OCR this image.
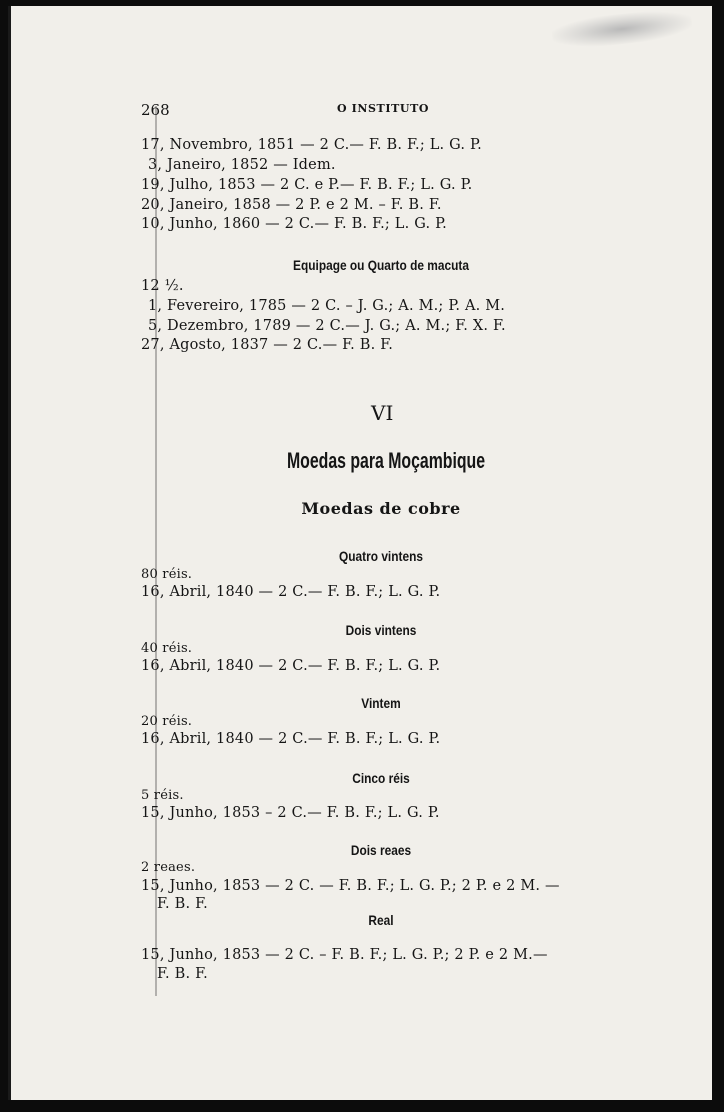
268	O INSTITUTO
17, Novembro, 1851 — 2 C.— F. B. F.; L. G. P.
3, Janeiro, 1852 — Idem.
19, Julho, 1853 — 2 C. e P.— F. B. F.; L. G. P.
20, Janeiro, 1858 — 2 P. e 2 M. – F. B. F.
10, Junho, 1860 — 2 C.— F. B. F.; L. G. P.
Equipage ou Quarto de macuta
12 ½.
1, Fevereiro, 1785 — 2 C. – J. G.; A. M.; P. A. M.
5, Dezembro, 1789 — 2 C.— J. G.; A. M.; F. X. F.
27, Agosto, 1837 — 2 C.— F. B. F.
VI
Moedas para Moçambique
Moedas de cobre
Quatro vintens
80 réis.
16, Abril, 1840 — 2 C.— F. B. F.; L. G. P.
Dois vintens
40 réis.
16, Abril, 1840 — 2 C.— F. B. F.; L. G. P.
Vintem
20 réis.
16, Abril, 1840 — 2 C.— F. B. F.; L. G. P.
Cinco réis
5 réis.
15, Junho, 1853 – 2 C.— F. B. F.; L. G. P.
Dois reaes
2 reaes.
15, Junho, 1853 — 2 C. — F. B. F.; L. G. P.; 2 P. e 2 M. —
F. B. F.
Real
15, Junho, 1853 — 2 C. – F. B. F.; L. G. P.; 2 P. e 2 M.—
F. B. F.
